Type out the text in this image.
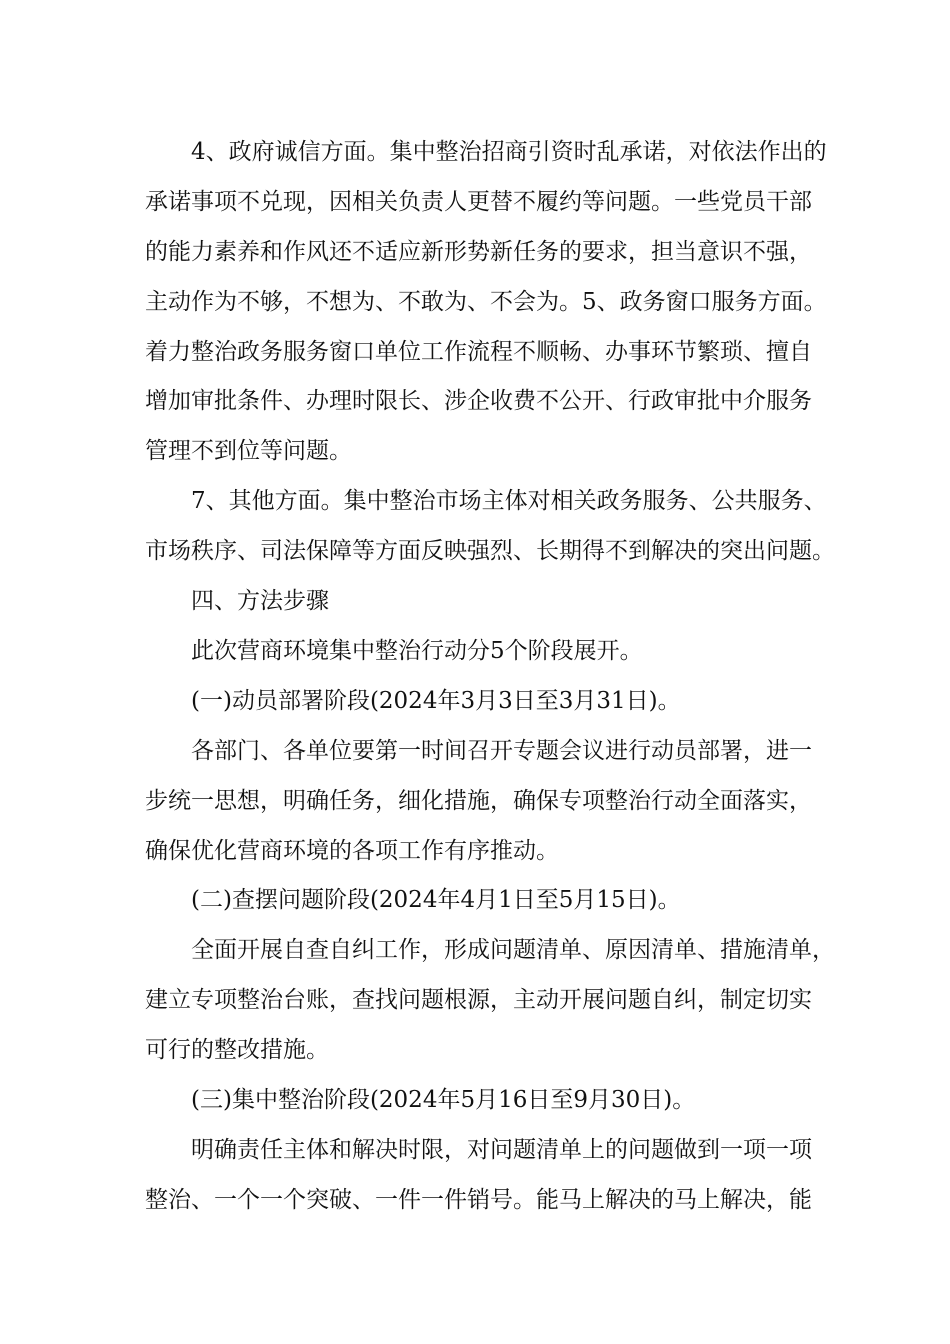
4、政府诚信方面。集中整治招商引资时乱承诺，对依法作出的
承诺事项不兑现，因相关负责人更替不履约等问题。一些党员干部
的能力素养和作风还不适应新形势新任务的要求，担当意识不强，
主动作为不够，不想为、不敢为、不会为。5、政务窗口服务方面。
着力整治政务服务窗口单位工作流程不顺畅、办事环节繁琐、擅自
增加审批条件、办理时限长、涉企收费不公开、行政审批中介服务
管理不到位等问题。
7、其他方面。集中整治市场主体对相关政务服务、公共服务、
市场秩序、司法保障等方面反映强烈、长期得不到解决的突出问题。
四、方法步骤
此次营商环境集中整治行动分5个阶段展开。
(一)动员部署阶段(2024年3月3日至3月31日)。
各部门、各单位要第一时间召开专题会议进行动员部署，进一
步统一思想，明确任务，细化措施，确保专项整治行动全面落实，
确保优化营商环境的各项工作有序推动。
(二)查摆问题阶段(2024年4月1日至5月15日)。
全面开展自查自纠工作，形成问题清单、原因清单、措施清单，
建立专项整治台账，查找问题根源，主动开展问题自纠，制定切实
可行的整改措施。
(三)集中整治阶段(2024年5月16日至9月30日)。
明确责任主体和解决时限，对问题清单上的问题做到一项一项
整治、一个一个突破、一件一件销号。能马上解决的马上解决，能
